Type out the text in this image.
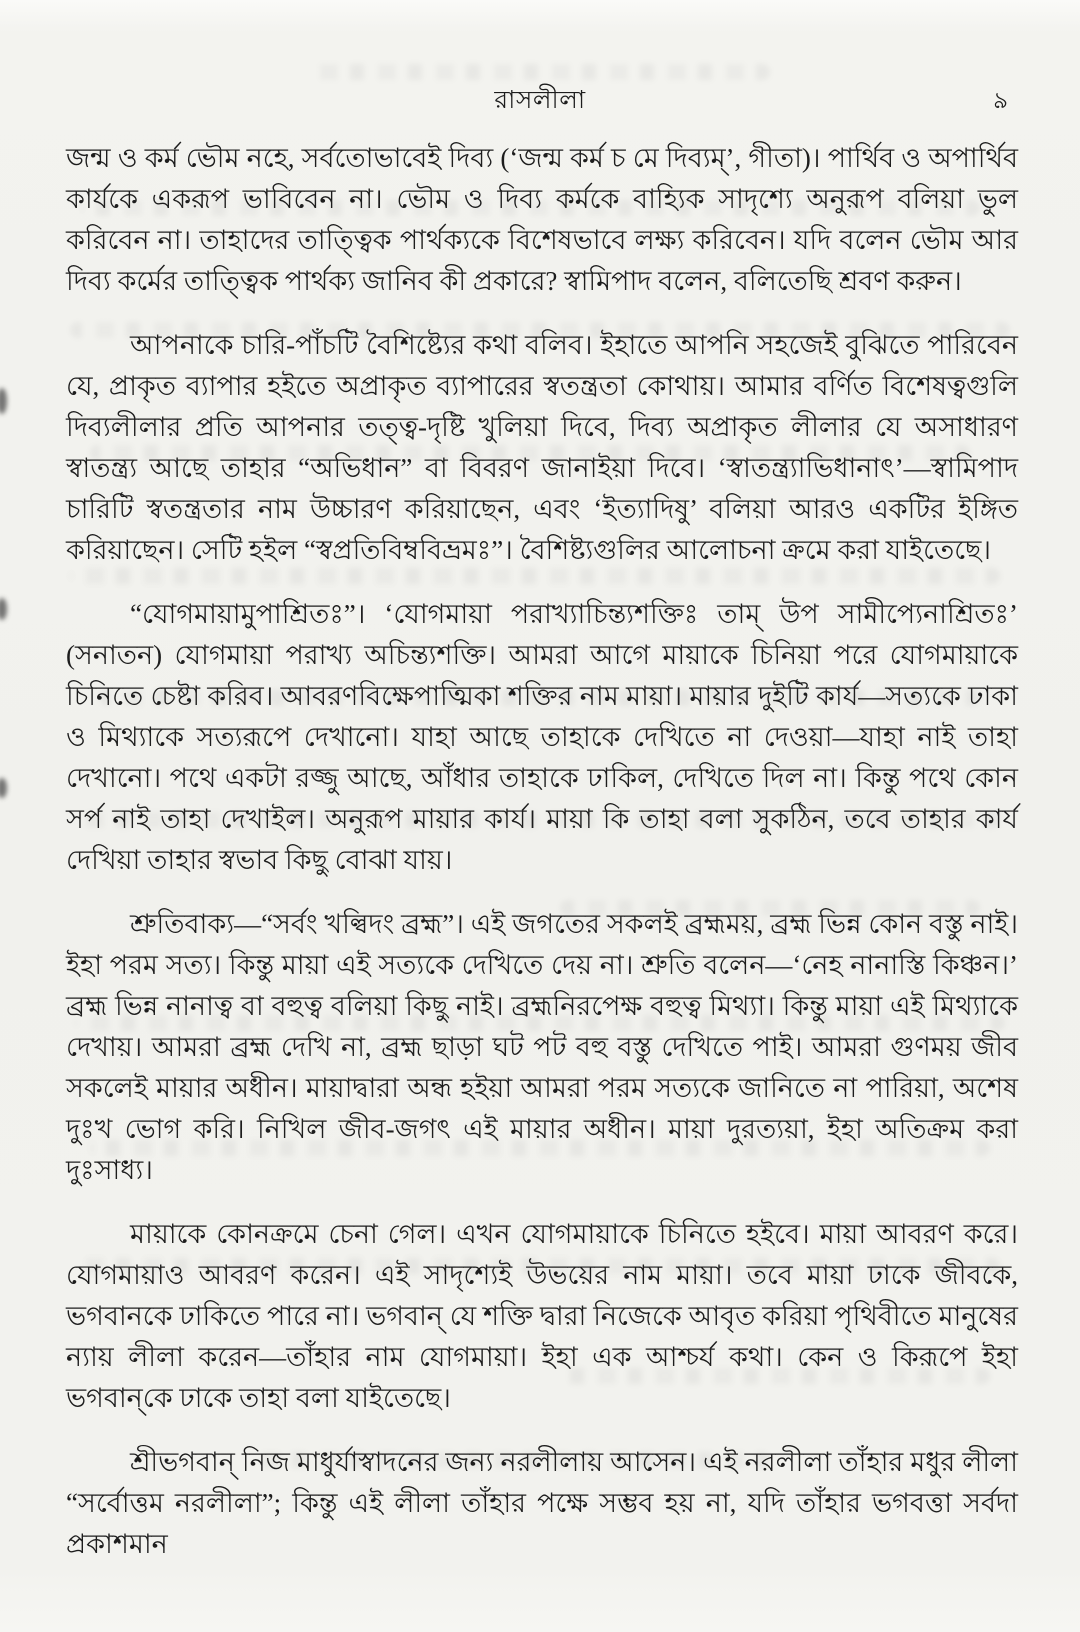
রাসলীলা	৯

জন্ম ও কর্ম ভৌম নহে, সর্বতোভাবেই দিব্য (‘জন্ম কর্ম চ মে দিব্যম্’, গীতা)। পার্থিব ও অপার্থিব কার্যকে একরূপ ভাবিবেন না। ভৌম ও দিব্য কর্মকে বাহ্যিক সাদৃশ্যে অনুরূপ বলিয়া ভুল করিবেন না। তাহাদের তাত্ত্বিক পার্থক্যকে বিশেষভাবে লক্ষ্য করিবেন। যদি বলেন ভৌম আর দিব্য কর্মের তাত্ত্বিক পার্থক্য জানিব কী প্রকারে? স্বামিপাদ বলেন, বলিতেছি শ্রবণ করুন।

আপনাকে চারি-পাঁচটি বৈশিষ্ট্যের কথা বলিব। ইহাতে আপনি সহজেই বুঝিতে পারিবেন যে, প্রাকৃত ব্যাপার হইতে অপ্রাকৃত ব্যাপারের স্বতন্ত্রতা কোথায়। আমার বর্ণিত বিশেষত্বগুলি দিব্যলীলার প্রতি আপনার তত্ত্ব-দৃষ্টি খুলিয়া দিবে, দিব্য অপ্রাকৃত লীলার যে অসাধারণ স্বাতন্ত্র্য আছে তাহার “অভিধান” বা বিবরণ জানাইয়া দিবে। ‘স্বাতন্ত্র্যাভিধানাৎ’—স্বামিপাদ চারিটি স্বতন্ত্রতার নাম উচ্চারণ করিয়াছেন, এবং ‘ইত্যাদিষু’ বলিয়া আরও একটির ইঙ্গিত করিয়াছেন। সেটি হইল “স্বপ্রতিবিম্ববিভ্রমঃ”। বৈশিষ্ট্যগুলির আলোচনা ক্রমে করা যাইতেছে।

“যোগমায়ামুপাশ্রিতঃ”। ‘যোগমায়া পরাখ্যাচিন্ত্যশক্তিঃ তাম্ উপ সামীপ্যেনাশ্রিতঃ’ (সনাতন) যোগমায়া পরাখ্য অচিন্ত্যশক্তি। আমরা আগে মায়াকে চিনিয়া পরে যোগমায়াকে চিনিতে চেষ্টা করিব। আবরণবিক্ষেপাত্মিকা শক্তির নাম মায়া। মায়ার দুইটি কার্য—সত্যকে ঢাকা ও মিথ্যাকে সত্যরূপে দেখানো। যাহা আছে তাহাকে দেখিতে না দেওয়া—যাহা নাই তাহা দেখানো। পথে একটা রজ্জু আছে, আঁধার তাহাকে ঢাকিল, দেখিতে দিল না। কিন্তু পথে কোন সর্প নাই তাহা দেখাইল। অনুরূপ মায়ার কার্য। মায়া কি তাহা বলা সুকঠিন, তবে তাহার কার্য দেখিয়া তাহার স্বভাব কিছু বোঝা যায়।

শ্রুতিবাক্য—“সর্বং খল্বিদং ব্রহ্ম”। এই জগতের সকলই ব্রহ্মময়, ব্রহ্ম ভিন্ন কোন বস্তু নাই। ইহা পরম সত্য। কিন্তু মায়া এই সত্যকে দেখিতে দেয় না। শ্রুতি বলেন—‘নেহ নানাস্তি কিঞ্চন।’ ব্রহ্ম ভিন্ন নানাত্ব বা বহুত্ব বলিয়া কিছু নাই। ব্রহ্মনিরপেক্ষ বহুত্ব মিথ্যা। কিন্তু মায়া এই মিথ্যাকে দেখায়। আমরা ব্রহ্ম দেখি না, ব্রহ্ম ছাড়া ঘট পট বহু বস্তু দেখিতে পাই। আমরা গুণময় জীব সকলেই মায়ার অধীন। মায়াদ্বারা অন্ধ হইয়া আমরা পরম সত্যকে জানিতে না পারিয়া, অশেষ দুঃখ ভোগ করি। নিখিল জীব-জগৎ এই মায়ার অধীন। মায়া দুরত্যয়া, ইহা অতিক্রম করা দুঃসাধ্য।

মায়াকে কোনক্রমে চেনা গেল। এখন যোগমায়াকে চিনিতে হইবে। মায়া আবরণ করে। যোগমায়াও আবরণ করেন। এই সাদৃশ্যেই উভয়ের নাম মায়া। তবে মায়া ঢাকে জীবকে, ভগবানকে ঢাকিতে পারে না। ভগবান্ যে শক্তি দ্বারা নিজেকে আবৃত করিয়া পৃথিবীতে মানুষের ন্যায় লীলা করেন—তাঁহার নাম যোগমায়া। ইহা এক আশ্চর্য কথা। কেন ও কিরূপে ইহা ভগবান্‌কে ঢাকে তাহা বলা যাইতেছে।

শ্রীভগবান্ নিজ মাধুর্যাস্বাদনের জন্য নরলীলায় আসেন। এই নরলীলা তাঁহার মধুর লীলা “সর্বোত্তম নরলীলা”; কিন্তু এই লীলা তাঁহার পক্ষে সম্ভব হয় না, যদি তাঁহার ভগবত্তা সর্বদা প্রকাশমান
